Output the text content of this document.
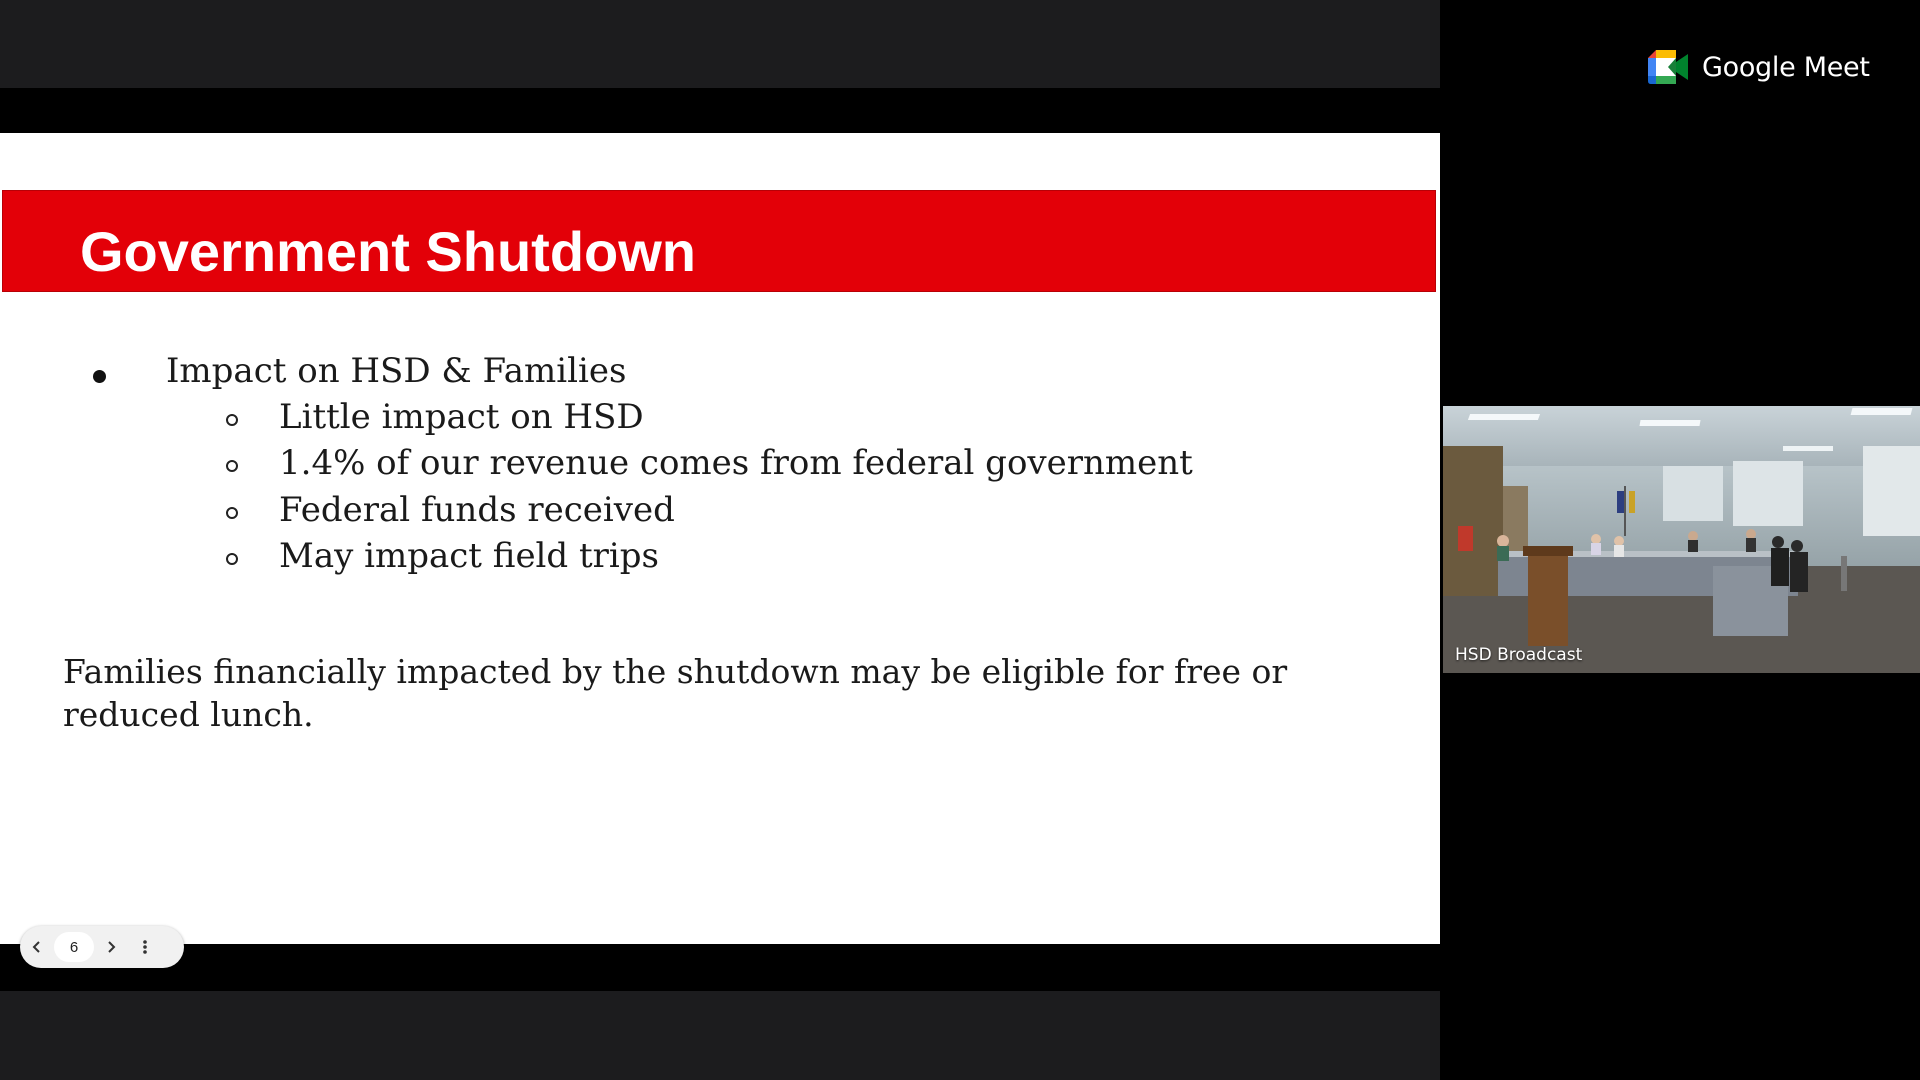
Google Meet
Government Shutdown
Impact on HSD & Families
Little impact on HSD
1.4% of our revenue comes from federal government
Federal funds received
May impact field trips
Families financially impacted by the shutdown may be eligible for free or
reduced lunch.
6
HSD Broadcast
